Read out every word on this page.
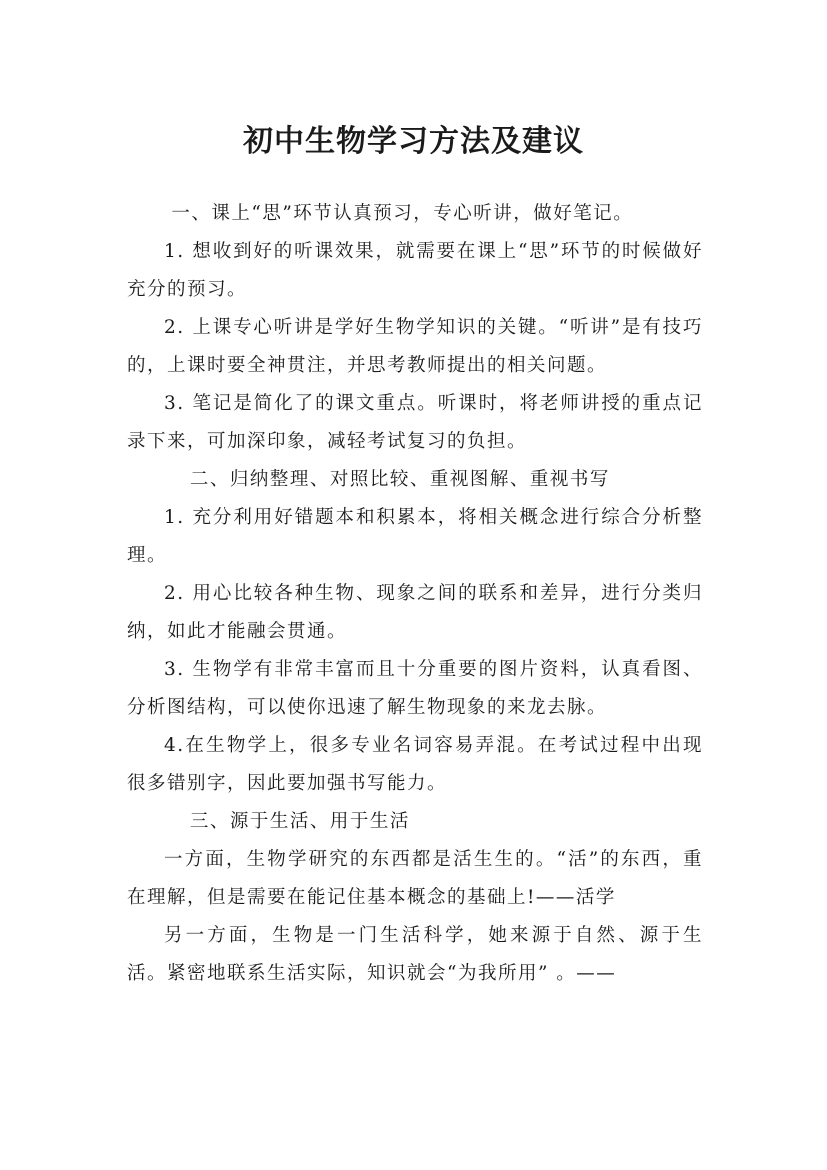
初中生物学习方法及建议

一、课上“思”环节认真预习，专心听讲，做好笔记。

1. 想收到好的听课效果，就需要在课上“思”环节的时候做好充分的预习。

2. 上课专心听讲是学好生物学知识的关键。“听讲”是有技巧的，上课时要全神贯注，并思考教师提出的相关问题。

3. 笔记是简化了的课文重点。听课时，将老师讲授的重点记录下来，可加深印象，减轻考试复习的负担。

二、归纳整理、对照比较、重视图解、重视书写

1. 充分利用好错题本和积累本，将相关概念进行综合分析整理。

2. 用心比较各种生物、现象之间的联系和差异，进行分类归纳，如此才能融会贯通。

3. 生物学有非常丰富而且十分重要的图片资料，认真看图、分析图结构，可以使你迅速了解生物现象的来龙去脉。

4.在生物学上，很多专业名词容易弄混。在考试过程中出现很多错别字，因此要加强书写能力。

三、源于生活、用于生活

一方面，生物学研究的东西都是活生生的。“活”的东西，重在理解，但是需要在能记住基本概念的基础上!——活学

另一方面，生物是一门生活科学，她来源于自然、源于生活。紧密地联系生活实际，知识就会“为我所用” 。——
